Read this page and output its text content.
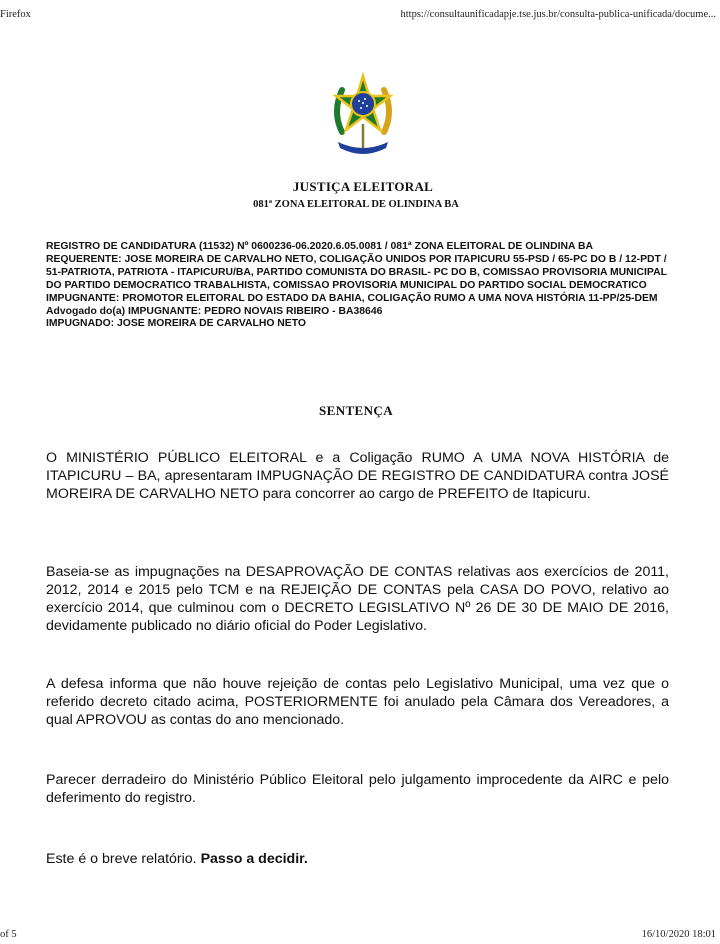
Firefox	https://consultaunificadapje.tse.jus.br/consulta-publica-unificada/docume...
JUSTIÇA ELEITORAL
081ª ZONA ELEITORAL DE OLINDINA BA

REGISTRO DE CANDIDATURA (11532) Nº 0600236-06.2020.6.05.0081 / 081ª ZONA ELEITORAL DE OLINDINA BA

REQUERENTE: JOSE MOREIRA DE CARVALHO NETO, COLIGAÇÃO UNIDOS POR ITAPICURU 55-PSD / 65-PC DO B / 12-PDT / 51-PATRIOTA, PATRIOTA - ITAPICURU/BA, PARTIDO COMUNISTA DO BRASIL- PC DO B, COMISSAO PROVISORIA MUNICIPAL DO PARTIDO DEMOCRATICO TRABALHISTA, COMISSAO PROVISORIA MUNICIPAL DO PARTIDO SOCIAL DEMOCRATICO

IMPUGNANTE: PROMOTOR ELEITORAL DO ESTADO DA BAHIA, COLIGAÇÃO RUMO A UMA NOVA HISTÓRIA 11-PP/25-DEM

Advogado do(a) IMPUGNANTE: PEDRO NOVAIS RIBEIRO - BA38646

IMPUGNADO: JOSE MOREIRA DE CARVALHO NETO

SENTENÇA

O MINISTÉRIO PÚBLICO ELEITORAL e a Coligação RUMO A UMA NOVA HISTÓRIA de ITAPICURU – BA, apresentaram IMPUGNAÇÃO DE REGISTRO DE CANDIDATURA contra JOSÉ MOREIRA DE CARVALHO NETO para concorrer ao cargo de PREFEITO de Itapicuru.

Baseia-se as impugnações na DESAPROVAÇÃO DE CONTAS relativas aos exercícios de 2011, 2012, 2014 e 2015 pelo TCM e na REJEIÇÃO DE CONTAS pela CASA DO POVO, relativo ao exercício 2014, que culminou com o DECRETO LEGISLATIVO Nº 26 DE 30 DE MAIO DE 2016, devidamente publicado no diário oficial do Poder Legislativo.

A defesa informa que não houve rejeição de contas pelo Legislativo Municipal, uma vez que o referido decreto citado acima, POSTERIORMENTE foi anulado pela Câmara dos Vereadores, a qual APROVOU as contas do ano mencionado.

Parecer derradeiro do Ministério Público Eleitoral pelo julgamento improcedente da AIRC e pelo deferimento do registro.

Este é o breve relatório. Passo a decidir.

of 5	16/10/2020 18:01
